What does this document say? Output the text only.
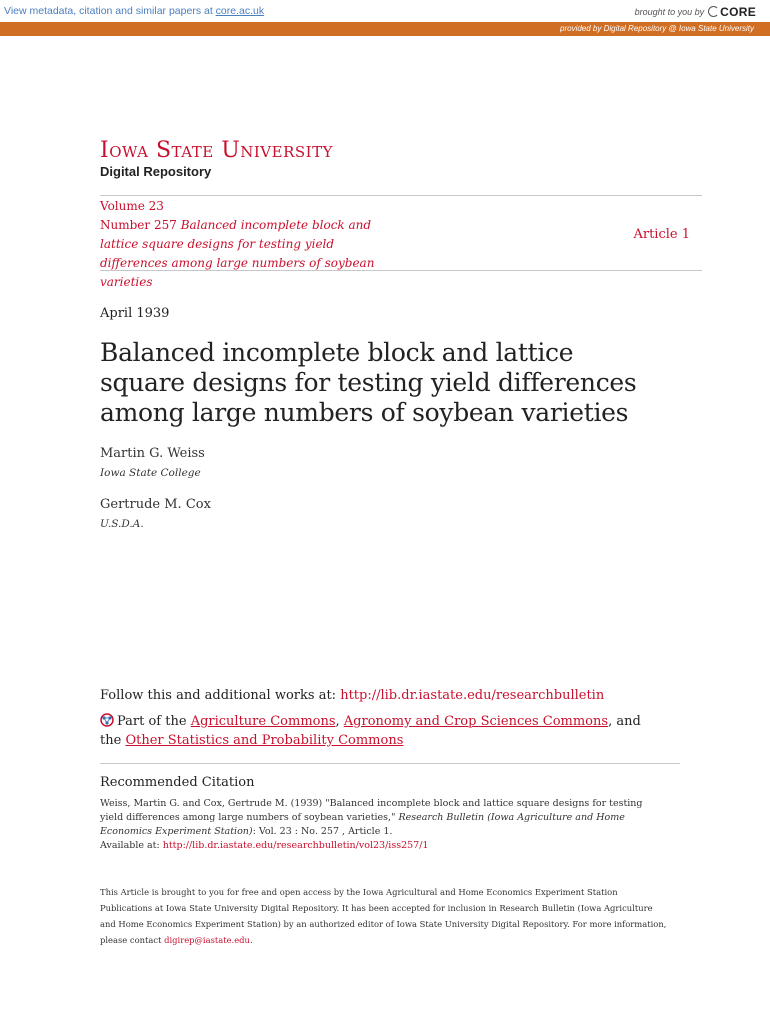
View metadata, citation and similar papers at core.ac.uk	brought to you by	CORE
provided by Digital Repository @ Iowa State University
Iowa State University
Digital Repository
Volume 23
Number 257 Balanced incomplete block and lattice square designs for testing yield differences among large numbers of soybean varieties
Article 1
April 1939
Balanced incomplete block and lattice square designs for testing yield differences among large numbers of soybean varieties
Martin G. Weiss
Iowa State College
Gertrude M. Cox
U.S.D.A.
Follow this and additional works at: http://lib.dr.iastate.edu/researchbulletin
Part of the Agriculture Commons, Agronomy and Crop Sciences Commons, and the Other Statistics and Probability Commons
Recommended Citation
Weiss, Martin G. and Cox, Gertrude M. (1939) "Balanced incomplete block and lattice square designs for testing yield differences among large numbers of soybean varieties," Research Bulletin (Iowa Agriculture and Home Economics Experiment Station): Vol. 23 : No. 257 , Article 1.
Available at: http://lib.dr.iastate.edu/researchbulletin/vol23/iss257/1
This Article is brought to you for free and open access by the Iowa Agricultural and Home Economics Experiment Station Publications at Iowa State University Digital Repository. It has been accepted for inclusion in Research Bulletin (Iowa Agriculture and Home Economics Experiment Station) by an authorized editor of Iowa State University Digital Repository. For more information, please contact digirep@iastate.edu.
